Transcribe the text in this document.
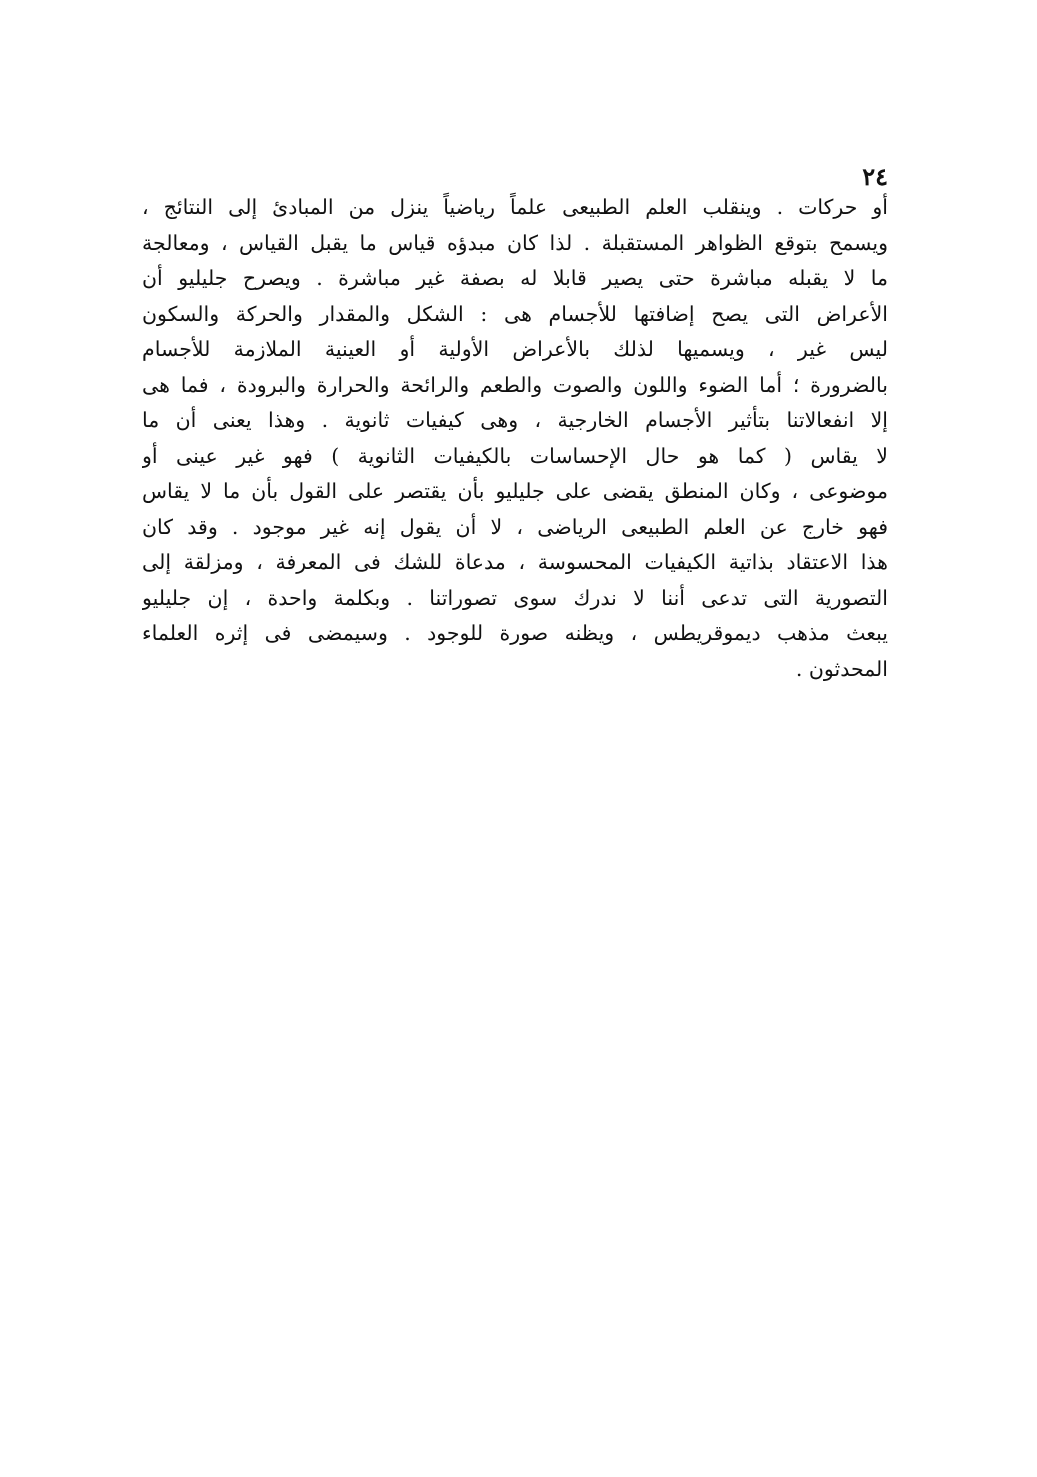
٢٤
أو حركات . وينقلب العلم الطبيعى علماً رياضياً ينزل من المبادئ إلى النتائج ،
ويسمح بتوقع الظواهر المستقبلة . لذا كان مبدؤه قياس ما يقبل القياس ، ومعالجة
ما لا يقبله مباشرة حتى يصير قابلا له بصفة غير مباشرة . ويصرح جليليو أن
الأعراض التى يصح إضافتها للأجسام هى : الشكل والمقدار والحركة والسكون
ليس غير ، ويسميها لذلك بالأعراض الأولية أو العينية الملازمة للأجسام
بالضرورة ؛ أما الضوء واللون والصوت والطعم والرائحة والحرارة والبرودة ، فما هى
إلا انفعالاتنا بتأثير الأجسام الخارجية ، وهى كيفيات ثانوية . وهذا يعنى أن ما
لا يقاس ( كما هو حال الإحساسات بالكيفيات الثانوية ) فهو غير عينى أو
موضوعى ، وكان المنطق يقضى على جليليو بأن يقتصر على القول بأن ما لا يقاس
فهو خارج عن العلم الطبيعى الرياضى ، لا أن يقول إنه غير موجود . وقد كان
هذا الاعتقاد بذاتية الكيفيات المحسوسة ، مدعاة للشك فى المعرفة ، ومزلقة إلى
التصورية التى تدعى أننا لا ندرك سوى تصوراتنا . وبكلمة واحدة ، إن جليليو
يبعث مذهب ديموقريطس ، ويظنه صورة للوجود . وسيمضى فى إثره العلماء
المحدثون .
